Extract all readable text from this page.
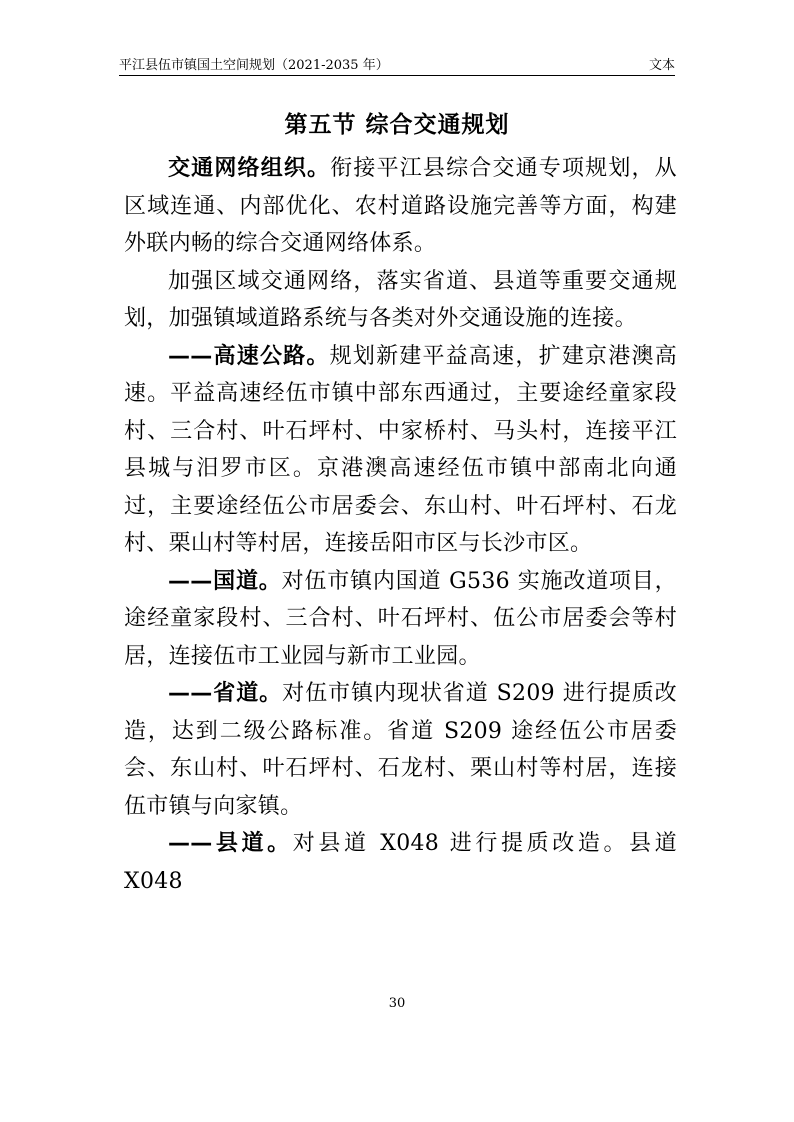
平江县伍市镇国土空间规划（2021-2035 年）	文本
第五节 综合交通规划

交通网络组织。衔接平江县综合交通专项规划，从区域连通、内部优化、农村道路设施完善等方面，构建外联内畅的综合交通网络体系。

加强区域交通网络，落实省道、县道等重要交通规划，加强镇域道路系统与各类对外交通设施的连接。

——高速公路。规划新建平益高速，扩建京港澳高速。平益高速经伍市镇中部东西通过，主要途经童家段村、三合村、叶石坪村、中家桥村、马头村，连接平江县城与汨罗市区。京港澳高速经伍市镇中部南北向通过，主要途经伍公市居委会、东山村、叶石坪村、石龙村、栗山村等村居，连接岳阳市区与长沙市区。

——国道。对伍市镇内国道 G536 实施改道项目，途经童家段村、三合村、叶石坪村、伍公市居委会等村居，连接伍市工业园与新市工业园。

——省道。对伍市镇内现状省道 S209 进行提质改造，达到二级公路标准。省道 S209 途经伍公市居委会、东山村、叶石坪村、石龙村、栗山村等村居，连接伍市镇与向家镇。

——县道。对县道 X048 进行提质改造。县道 X048

30
